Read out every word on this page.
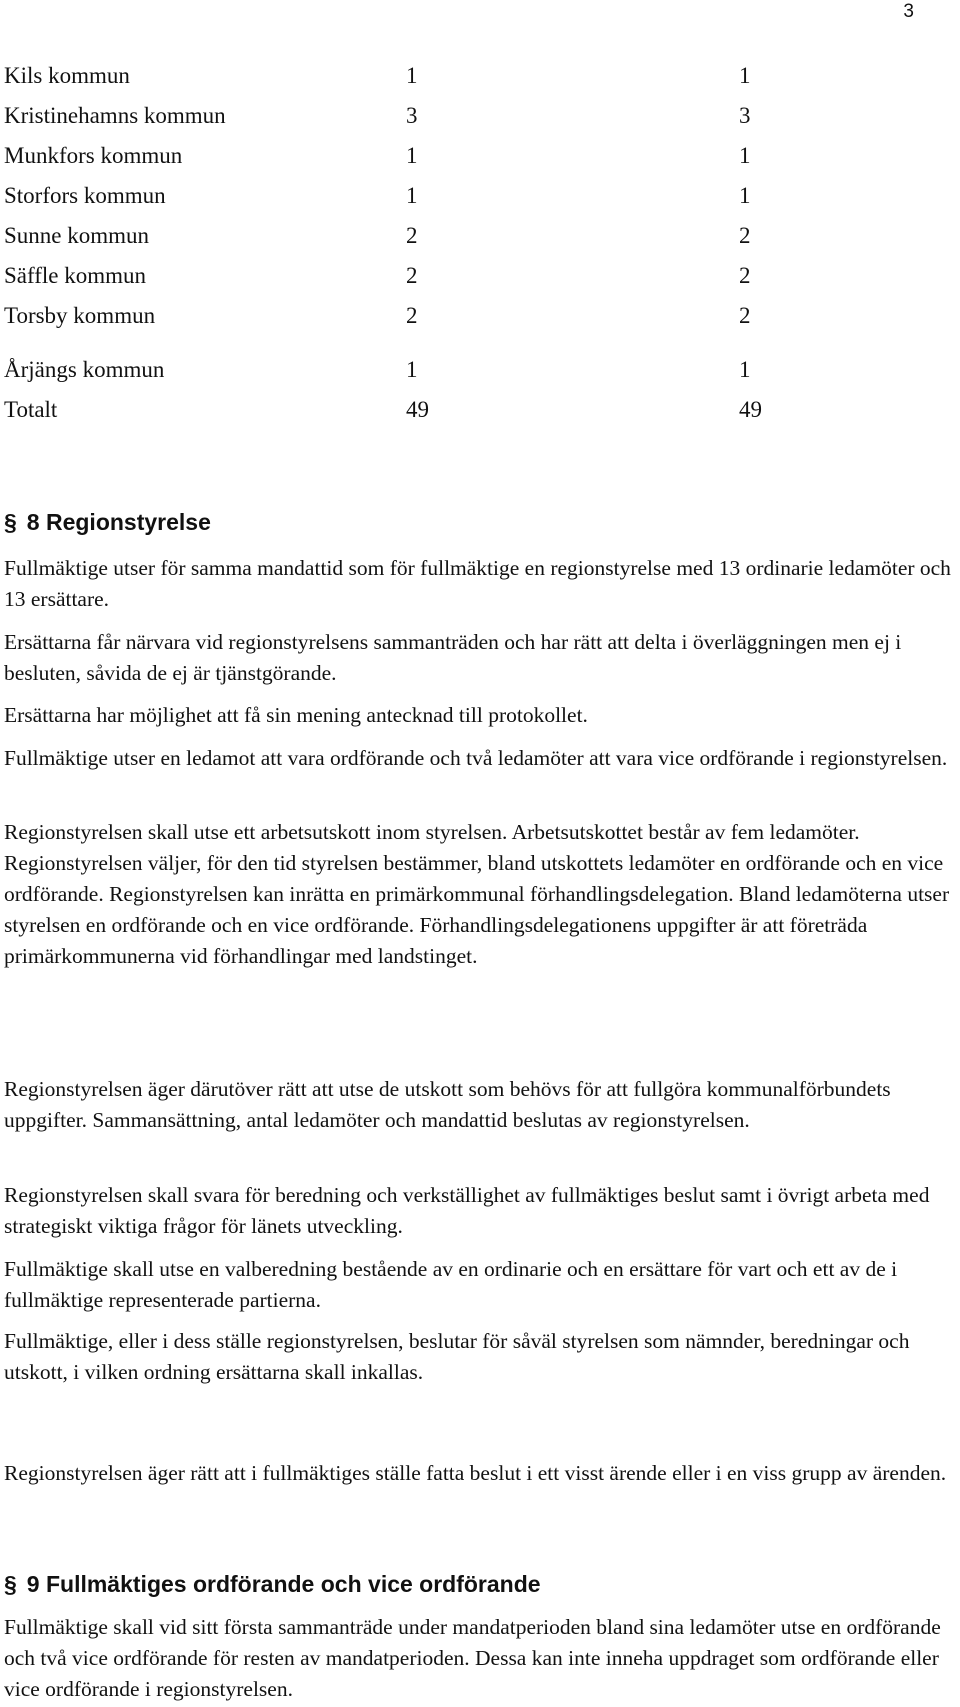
3
Kils kommun	1	1
Kristinehamns kommun	3	3
Munkfors kommun	1	1
Storfors kommun	1	1
Sunne kommun	2	2
Säffle kommun	2	2
Torsby kommun	2	2
Årjängs kommun	1	1
Totalt	49	49
§ 8 Regionstyrelse

Fullmäktige utser för samma mandattid som för fullmäktige en regionstyrelse med 13 ordinarie ledamöter och 13 ersättare.

Ersättarna får närvara vid regionstyrelsens sammanträden och har rätt att delta i överläggningen men ej i besluten, såvida de ej är tjänstgörande.

Ersättarna har möjlighet att få sin mening antecknad till protokollet.

Fullmäktige utser en ledamot att vara ordförande och två ledamöter att vara vice ordförande i regionstyrelsen.

Regionstyrelsen skall utse ett arbetsutskott inom styrelsen. Arbetsutskottet består av fem ledamöter. Regionstyrelsen väljer, för den tid styrelsen bestämmer, bland utskottets ledamöter en ordförande och en vice ordförande. Regionstyrelsen kan inrätta en primärkommunal förhandlingsdelegation. Bland ledamöterna utser styrelsen en ordförande och en vice ordförande. Förhandlingsdelegationens uppgifter är att företräda primärkommunerna vid förhandlingar med landstinget.

Regionstyrelsen äger därutöver rätt att utse de utskott som behövs för att fullgöra kommunalförbundets uppgifter. Sammansättning, antal ledamöter och mandattid beslutas av regionstyrelsen.

Regionstyrelsen skall svara för beredning och verkställighet av fullmäktiges beslut samt i övrigt arbeta med strategiskt viktiga frågor för länets utveckling.

Fullmäktige skall utse en valberedning bestående av en ordinarie och en ersättare för vart och ett av de i fullmäktige representerade partierna.

Fullmäktige, eller i dess ställe regionstyrelsen, beslutar för såväl styrelsen som nämnder, beredningar och utskott, i vilken ordning ersättarna skall inkallas.

Regionstyrelsen äger rätt att i fullmäktiges ställe fatta beslut i ett visst ärende eller i en viss grupp av ärenden.

§ 9 Fullmäktiges ordförande och vice ordförande

Fullmäktige skall vid sitt första sammanträde under mandatperioden bland sina ledamöter utse en ordförande och två vice ordförande för resten av mandatperioden. Dessa kan inte inneha uppdraget som ordförande eller vice ordförande i regionstyrelsen.
